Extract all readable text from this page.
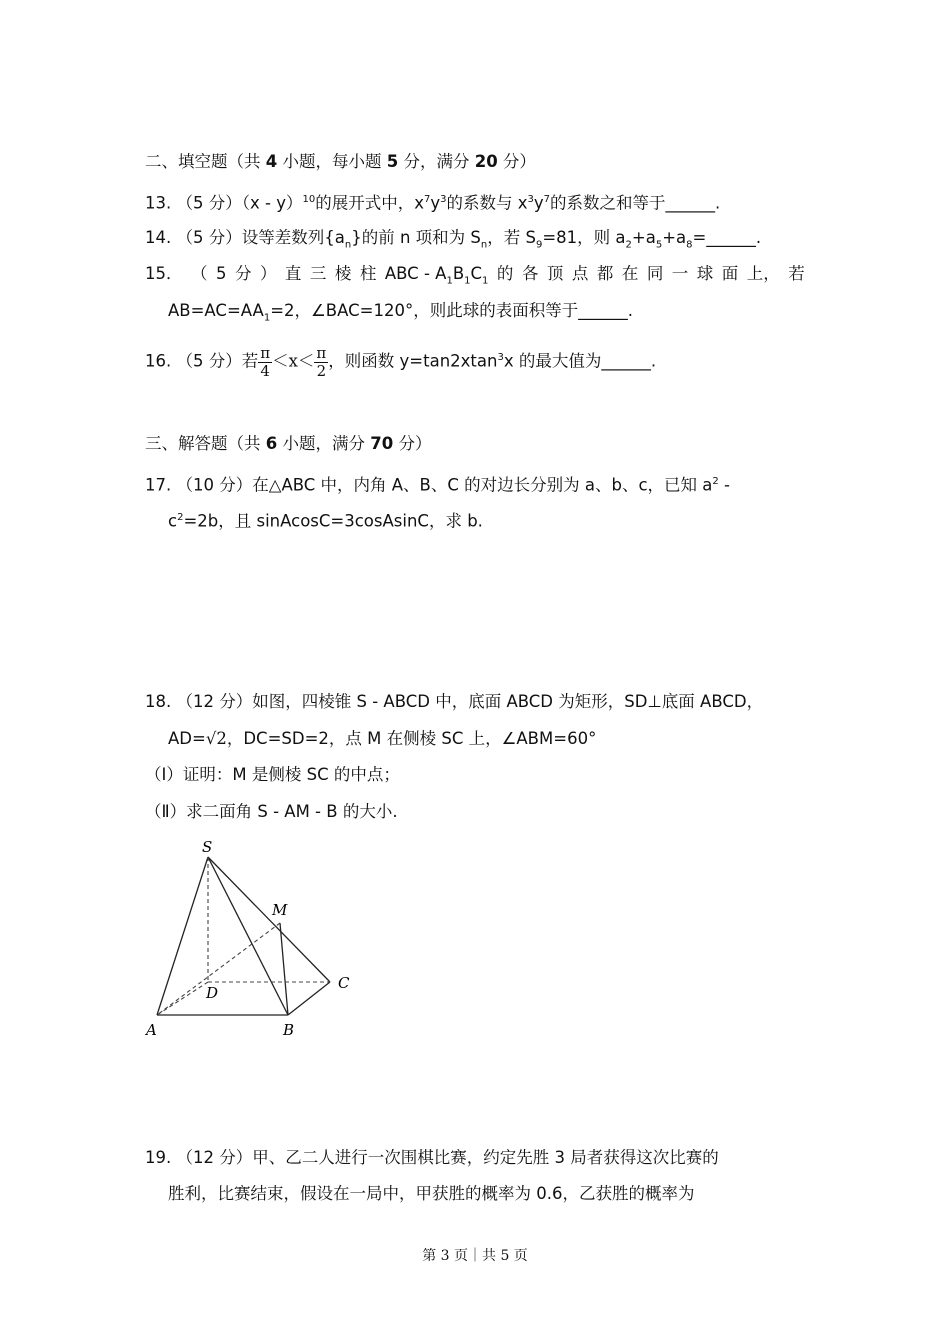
二、填空题（共 4 小题，每小题 5 分，满分 20 分）
13. （5 分）（x - y）$^{10}$的展开式中，$x^7y^3$的系数与 $x^3y^7$的系数之和等于______.
14. （5 分）设等差数列$\{a_n\}$的前 n 项和为 $S_n$，若 $S_9=81$，则 $a_2+a_5+a_8=\_\_\_\_\_\_$.
15． （ 5 分 ） 直 三 棱 柱 ABC - $A_1B_1C_1$ 的 各 顶 点 都 在 同 一 球 面 上， 若
$AB=AC=AA_1=2$，∠BAC=120°，则此球的表面积等于______.
16. （5 分）若 $\frac{\pi}{4} <x< \frac{\pi}{2}$ ，则函数 y=tan2xtan$^3$x 的最大值为______.
三、解答题（共 6 小题，满分 70 分）
17. （10 分）在△ABC 中，内角 A、B、C 的对边长分别为 a、b、c，已知 $a^2$ -
$c^2=2b$，且 sinAcosC=3cosAsinC，求 b.
18. （12 分）如图，四棱锥 S - ABCD 中，底面 ABCD 为矩形，SD⊥底面 ABCD，
AD=√2，DC=SD=2，点 M 在侧棱 SC 上，∠ABM=60°
（Ⅰ）证明：M 是侧棱 SC 的中点；
（Ⅱ）求二面角 S - AM - B 的大小.
S
M
C
D
A	B
19. （12 分）甲、乙二人进行一次围棋比赛，约定先胜 3 局者获得这次比赛的
胜利，比赛结束，假设在一局中，甲获胜的概率为 0.6，乙获胜的概率为
第 3 页｜共 5 页
